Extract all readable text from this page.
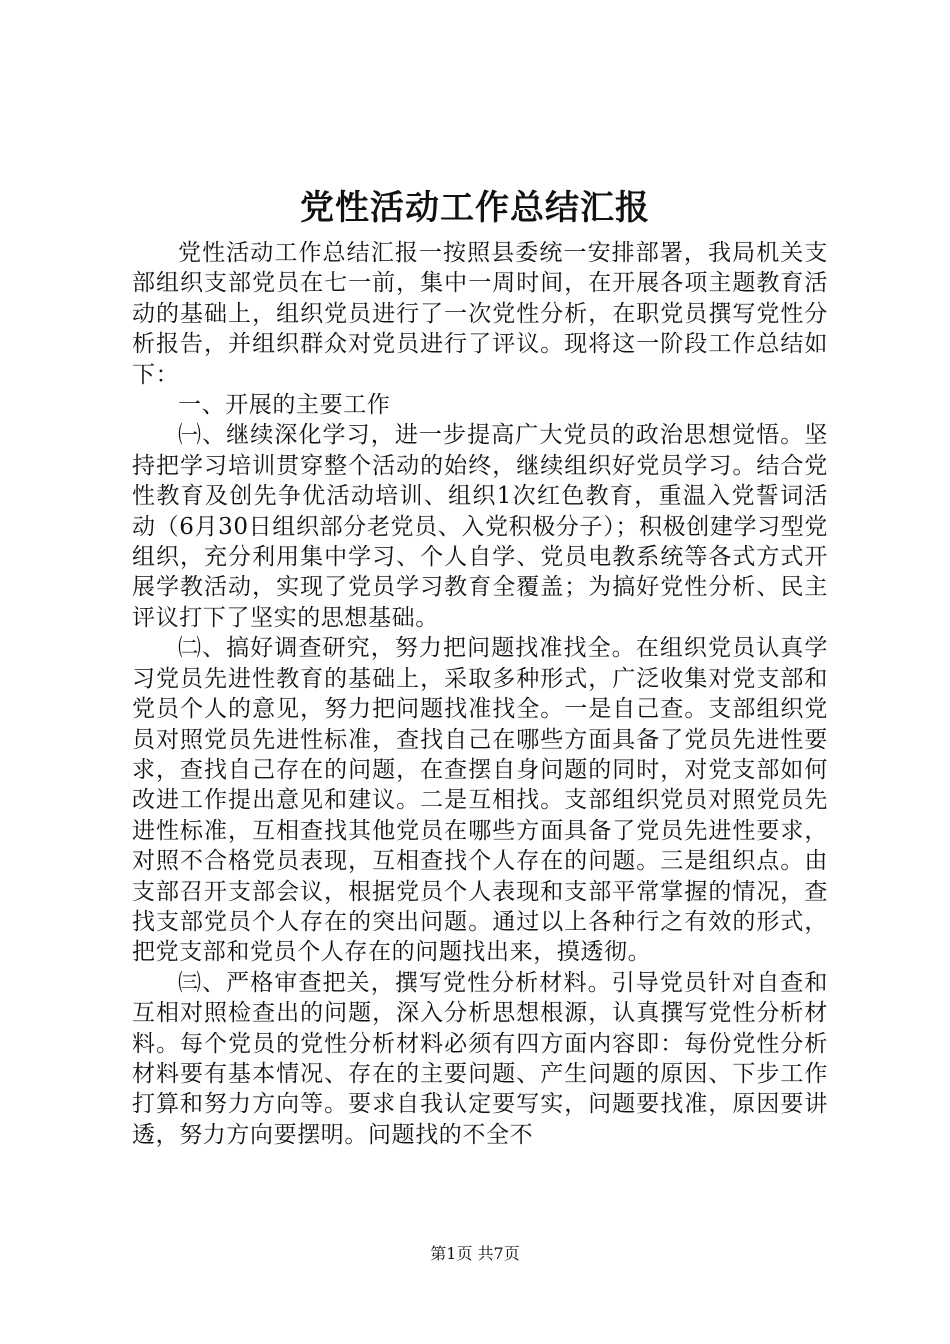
党性活动工作总结汇报

党性活动工作总结汇报一按照县委统一安排部署，我局机关支部组织支部党员在七一前，集中一周时间，在开展各项主题教育活动的基础上，组织党员进行了一次党性分析，在职党员撰写党性分析报告，并组织群众对党员进行了评议。现将这一阶段工作总结如下：

一、开展的主要工作

㈠、继续深化学习，进一步提高广大党员的政治思想觉悟。坚持把学习培训贯穿整个活动的始终，继续组织好党员学习。结合党性教育及创先争优活动培训、组织1次红色教育，重温入党誓词活动（6月30日组织部分老党员、入党积极分子）；积极创建学习型党组织，充分利用集中学习、个人自学、党员电教系统等各式方式开展学教活动，实现了党员学习教育全覆盖；为搞好党性分析、民主评议打下了坚实的思想基础。

㈡、搞好调查研究，努力把问题找准找全。在组织党员认真学习党员先进性教育的基础上，采取多种形式，广泛收集对党支部和党员个人的意见，努力把问题找准找全。一是自己查。支部组织党员对照党员先进性标准，查找自己在哪些方面具备了党员先进性要求，查找自己存在的问题，在查摆自身问题的同时，对党支部如何改进工作提出意见和建议。二是互相找。支部组织党员对照党员先进性标准，互相查找其他党员在哪些方面具备了党员先进性要求，对照不合格党员表现，互相查找个人存在的问题。三是组织点。由支部召开支部会议，根据党员个人表现和支部平常掌握的情况，查找支部党员个人存在的突出问题。通过以上各种行之有效的形式，把党支部和党员个人存在的问题找出来，摸透彻。

㈢、严格审查把关，撰写党性分析材料。引导党员针对自查和互相对照检查出的问题，深入分析思想根源，认真撰写党性分析材料。每个党员的党性分析材料必须有四方面内容即：每份党性分析材料要有基本情况、存在的主要问题、产生问题的原因、下步工作打算和努力方向等。要求自我认定要写实，问题要找准，原因要讲透，努力方向要摆明。问题找的不全不

第1页 共7页
